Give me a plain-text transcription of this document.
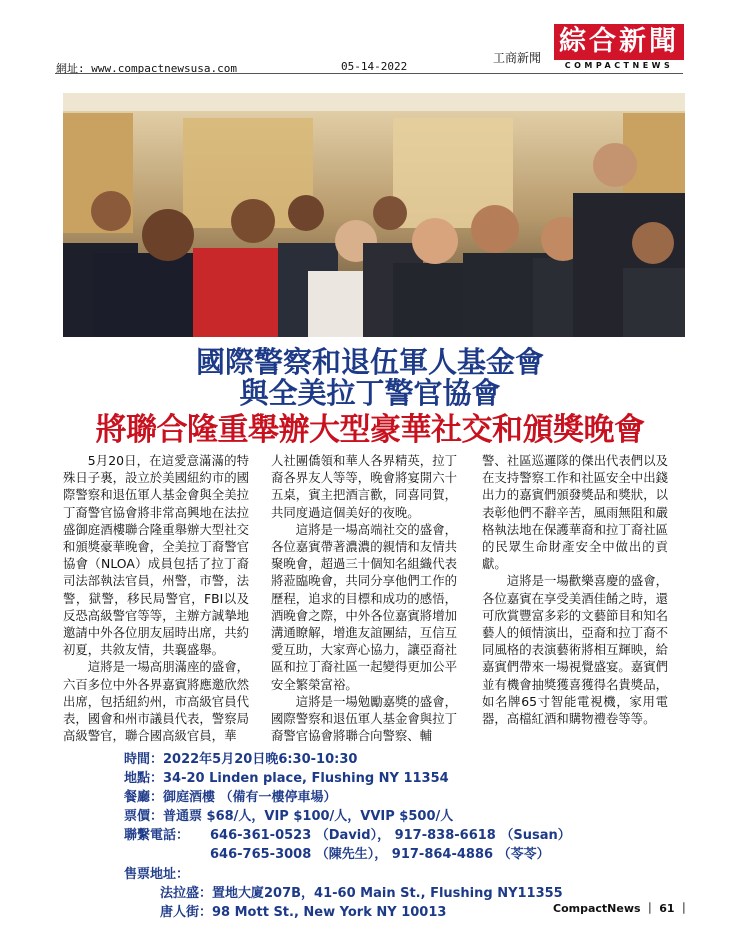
網址: www.compactnewsusa.com	05-14-2022
工商新聞
綜合新聞
COMPACTNEWS
國際警察和退伍軍人基金會
與全美拉丁警官協會
將聯合隆重舉辦大型豪華社交和頒獎晚會

5月20日，在這愛意滿滿的特殊日子裏，設立於美國紐約市的國際警察和退伍軍人基金會與全美拉丁裔警官協會將非常高興地在法拉盛御庭酒樓聯合隆重舉辦大型社交和頒獎豪華晚會，全美拉丁裔警官協會（NLOA）成員包括了拉丁裔司法部執法官員，州警，市警，法警，獄警，移民局警官，FBI以及反恐高級警官等等，主辦方誠摯地邀請中外各位朋友屆時出席，共約初夏，共敘友情，共襄盛舉。

這將是一場高朋滿座的盛會，六百多位中外各界嘉賓將應邀欣然出席，包括紐約州，市高級官員代表，國會和州市議員代表，警察局高級警官，聯合國高級官員，華

人社團僑領和華人各界精英，拉丁裔各界友人等等，晚會將宴開六十五桌，賓主把酒言歡，同喜同賀，共同度過這個美好的夜晚。

這將是一場高端社交的盛會，各位嘉賓帶著濃濃的親情和友情共聚晚會，超過三十個知名組織代表將蒞臨晚會，共同分享他們工作的歷程，追求的目標和成功的感悟，酒晚會之際，中外各位嘉賓將增加溝通瞭解，增進友誼團結，互信互愛互助，大家齊心協力，讓亞裔社區和拉丁裔社區一起變得更加公平安全繁榮富裕。

這將是一場勉勵嘉獎的盛會，國際警察和退伍軍人基金會與拉丁裔警官協會將聯合向警察、輔

警、社區巡邏隊的傑出代表們以及在支持警察工作和社區安全中出錢出力的嘉賓們頒發獎品和獎狀，以表彰他們不辭辛苦，風雨無阻和嚴格執法地在保護華裔和拉丁裔社區的民眾生命財產安全中做出的貢獻。

這將是一場歡樂喜慶的盛會，各位嘉賓在享受美酒佳餚之時，還可欣賞豐富多彩的文藝節目和知名藝人的傾情演出，亞裔和拉丁裔不同風格的表演藝術將相互輝映，給嘉賓們帶來一場視覺盛宴。嘉賓們並有機會抽獎獲喜獲得名貴獎品，如名牌65寸智能電視機，家用電器，高檔紅酒和購物禮卷等等。

時間：2022年5月20日晚6:30-10:30
地點：34-20 Linden place, Flushing NY 11354
餐廳：御庭酒樓 （備有一樓停車場）
票價：普通票 $68/人，VIP $100/人，VVIP $500/人
聯繫電話： 646-361-0523 （David）， 917-838-6618 （Susan）
646-765-3008 （陳先生）， 917-864-4886 （苓苓）
售票地址：
法拉盛：置地大廈207B，41-60 Main St., Flushing NY11355
唐人街：98 Mott St., New York NY 10013	CompactNews ｜ 61 ｜
